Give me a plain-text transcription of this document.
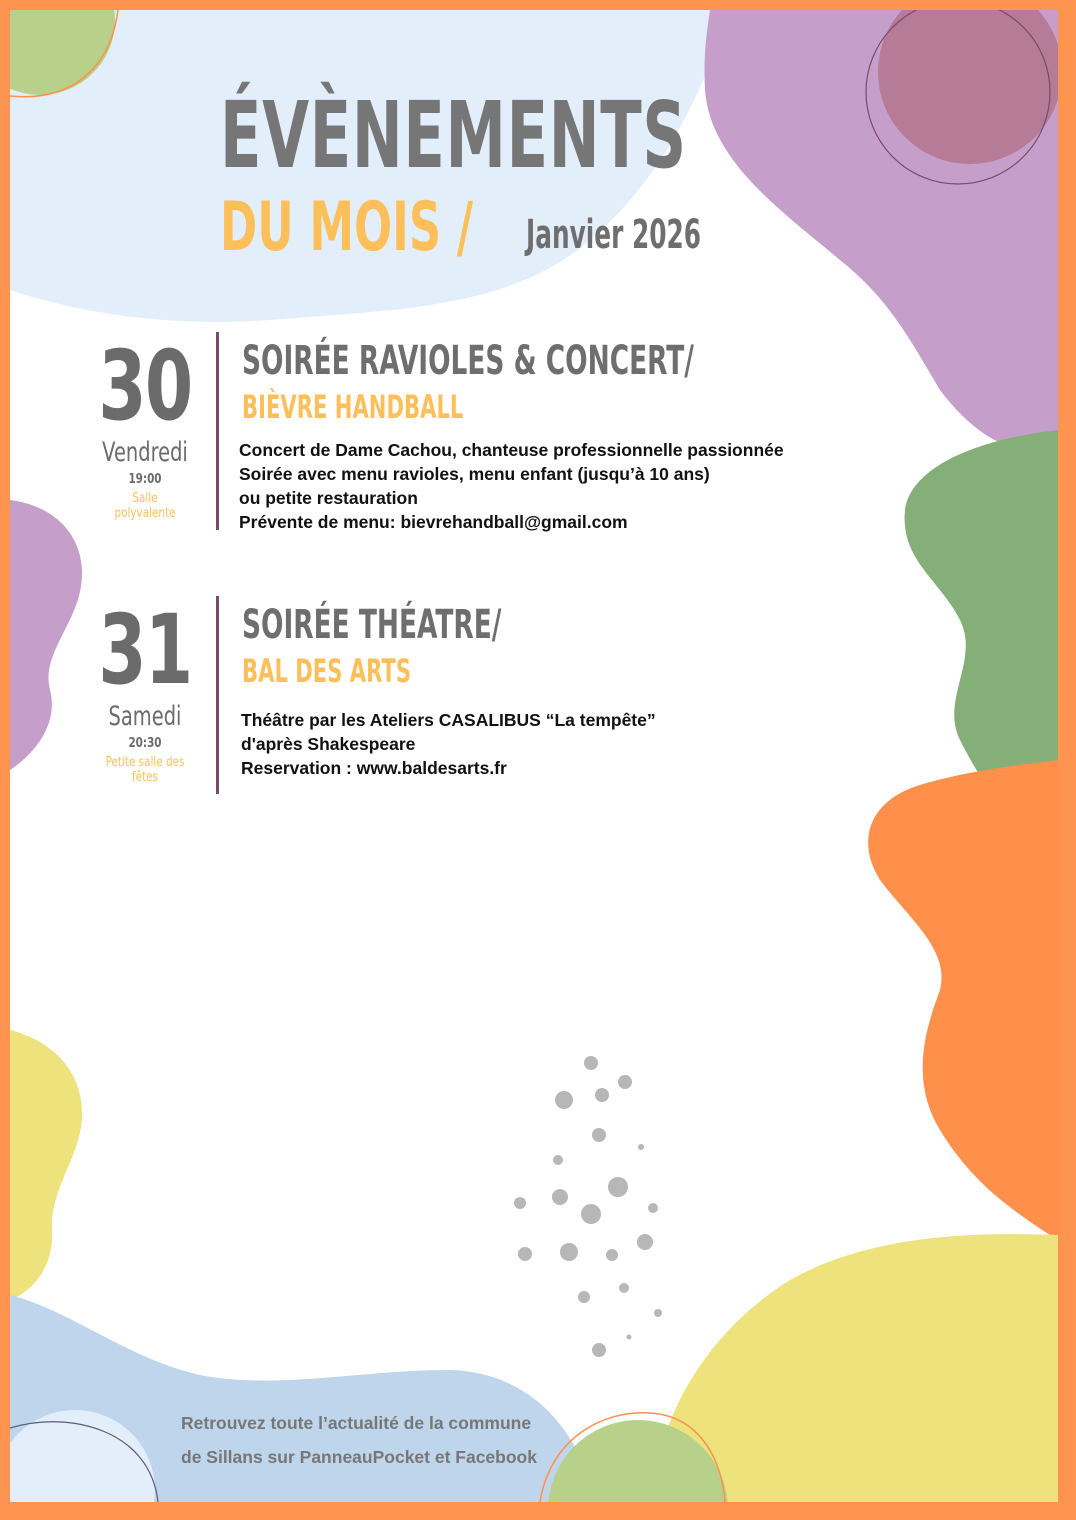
ÉVÈNEMENTS
DU MOIS / Janvier 2026
30
Vendredi
19:00
Salle
polyvalente
SOIRÉE RAVIOLES & CONCERT/
BIÈVRE HANDBALL
Concert de Dame Cachou, chanteuse professionnelle passionnée
Soirée avec menu ravioles, menu enfant (jusqu’à 10 ans)
ou petite restauration
Prévente de menu: bievrehandball@gmail.com
31
Samedi
20:30
Petite salle des
fêtes
SOIRÉE THÉATRE/
BAL DES ARTS
Théâtre par les Ateliers CASALIBUS “La tempête”
d'après Shakespeare
Reservation : www.baldesarts.fr
Retrouvez toute l’actualité de la commune
de Sillans sur PanneauPocket et Facebook
